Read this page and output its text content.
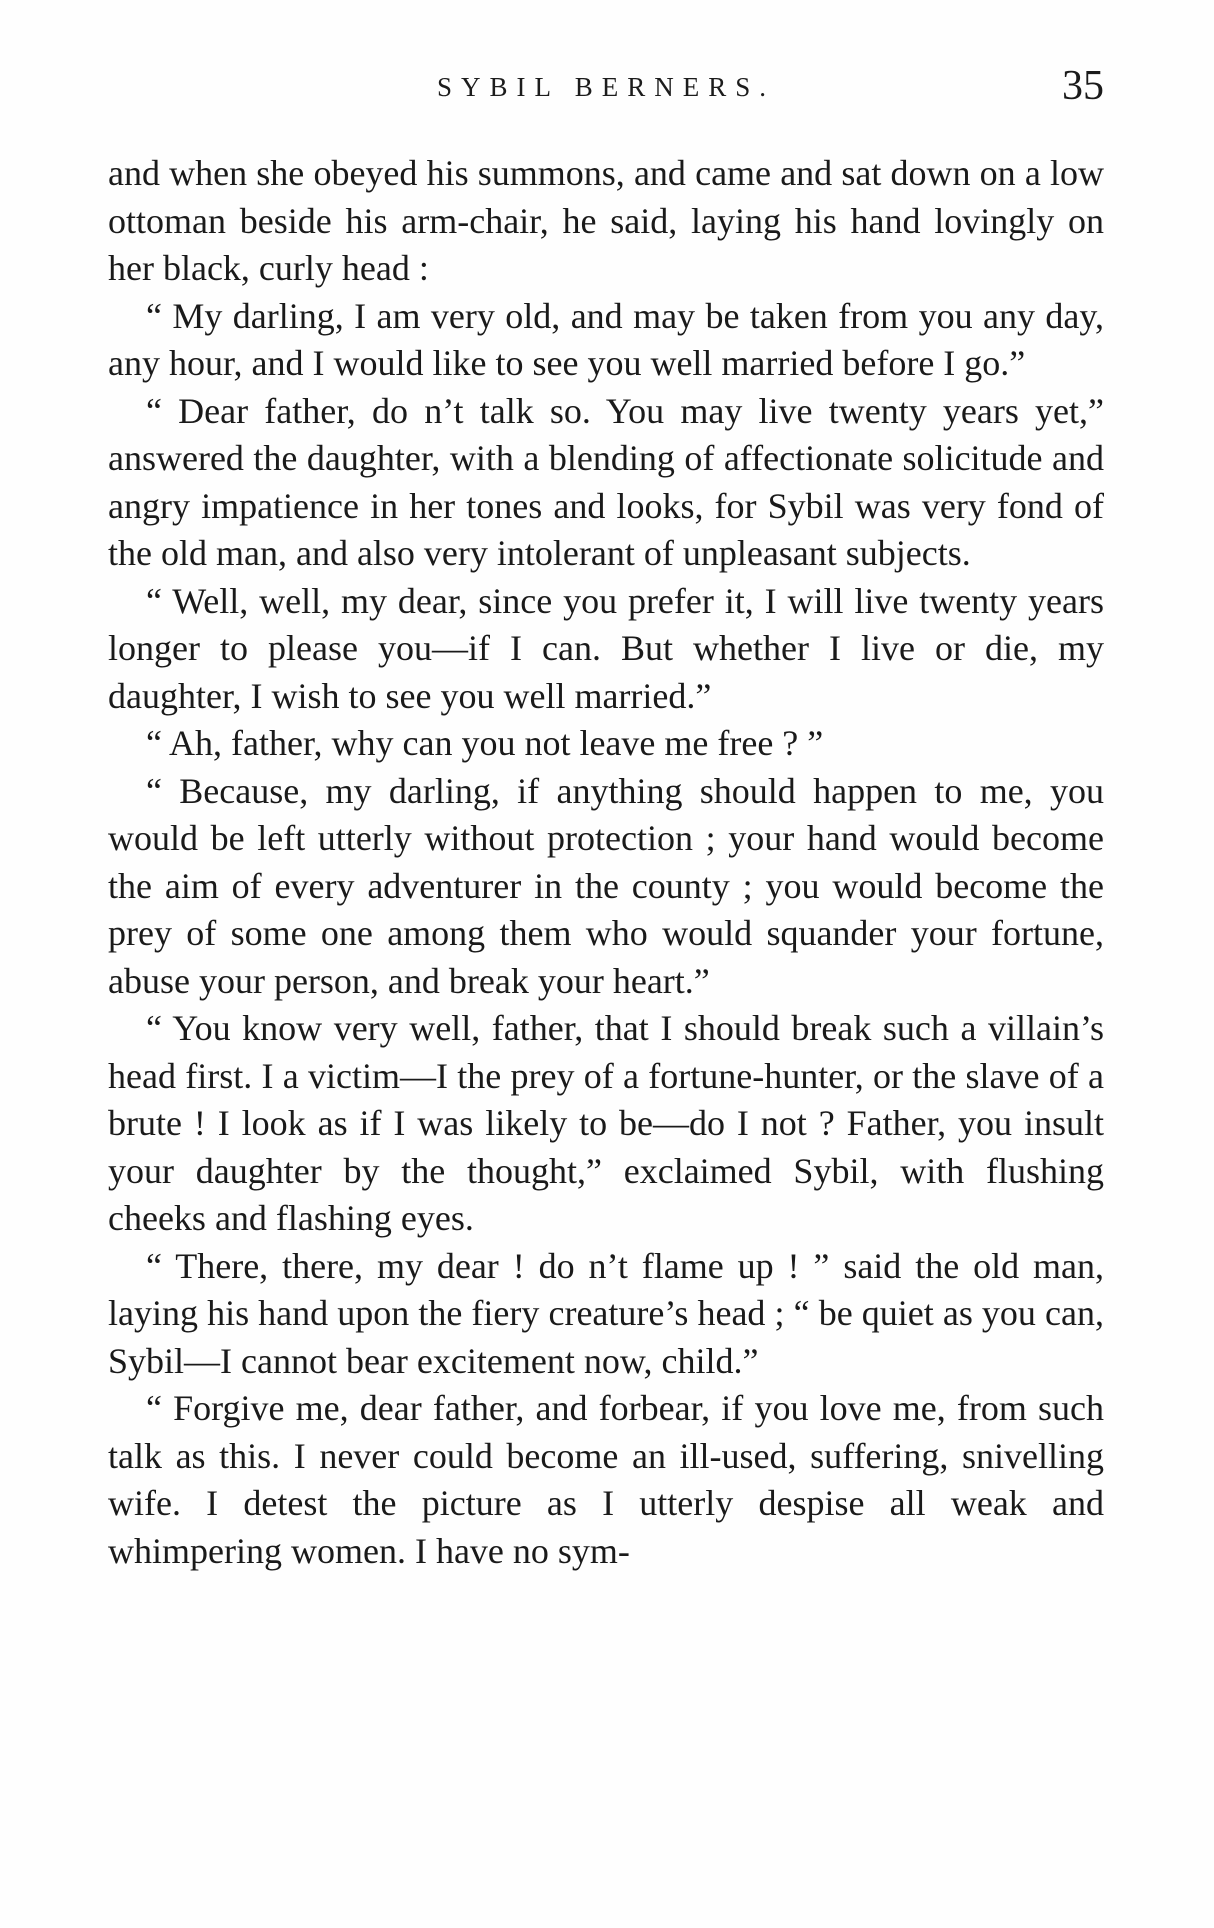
SYBIL BERNERS.	35

and when she obeyed his summons, and came and sat down on a low ottoman beside his arm-chair, he said, laying his hand lovingly on her black, curly head :

“ My darling, I am very old, and may be taken from you any day, any hour, and I would like to see you well married before I go.”

“ Dear father, do n’t talk so. You may live twenty years yet,” answered the daughter, with a blending of affectionate solicitude and angry impatience in her tones and looks, for Sybil was very fond of the old man, and also very intolerant of unpleasant subjects.

“ Well, well, my dear, since you prefer it, I will live twenty years longer to please you—if I can. But whether I live or die, my daughter, I wish to see you well married.”

“ Ah, father, why can you not leave me free ? ”

“ Because, my darling, if anything should happen to me, you would be left utterly without protection ; your hand would become the aim of every adventurer in the county ; you would become the prey of some one among them who would squander your fortune, abuse your person, and break your heart.”

“ You know very well, father, that I should break such a villain’s head first. I a victim—I the prey of a fortune-hunter, or the slave of a brute ! I look as if I was likely to be—do I not ? Father, you insult your daughter by the thought,” exclaimed Sybil, with flushing cheeks and flashing eyes.

“ There, there, my dear ! do n’t flame up ! ” said the old man, laying his hand upon the fiery creature’s head ; “ be quiet as you can, Sybil—I cannot bear excitement now, child.”

“ Forgive me, dear father, and forbear, if you love me, from such talk as this. I never could become an ill-used, suffering, snivelling wife. I detest the picture as I utterly despise all weak and whimpering women. I have no sym-
